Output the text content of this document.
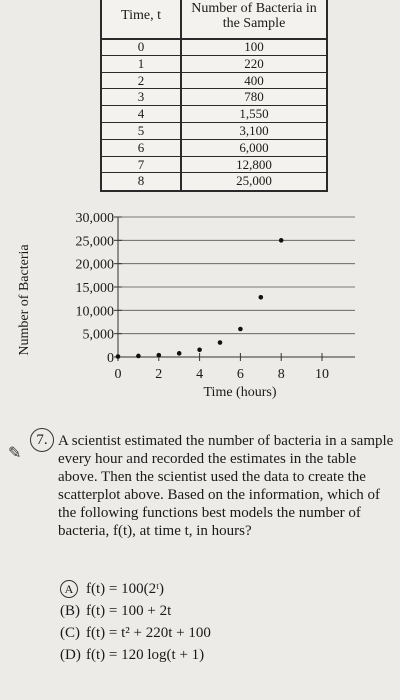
Time, t	Number of Bacteria in the Sample
0	100
1	220
2	400
3	780
4	1,550
5	3,100
6	6,000
7	12,800
8	25,000
0
5,000
10,000
15,000
20,000
25,000
30,000
0 2 4 6 8 10
Time (hours)
Number of Bacteria
✎
7. A scientist estimated the number of bacteria in a sample every hour and recorded the estimates in the table above. Then the scientist used the data to create the scatterplot above. Based on the information, which of the following functions best models the number of bacteria, f(t), at time t, in hours?
A f(t) = 100(2ᵗ)
(B) f(t) = 100 + 2t
(C) f(t) = t² + 220t + 100
(D) f(t) = 120 log(t + 1)
